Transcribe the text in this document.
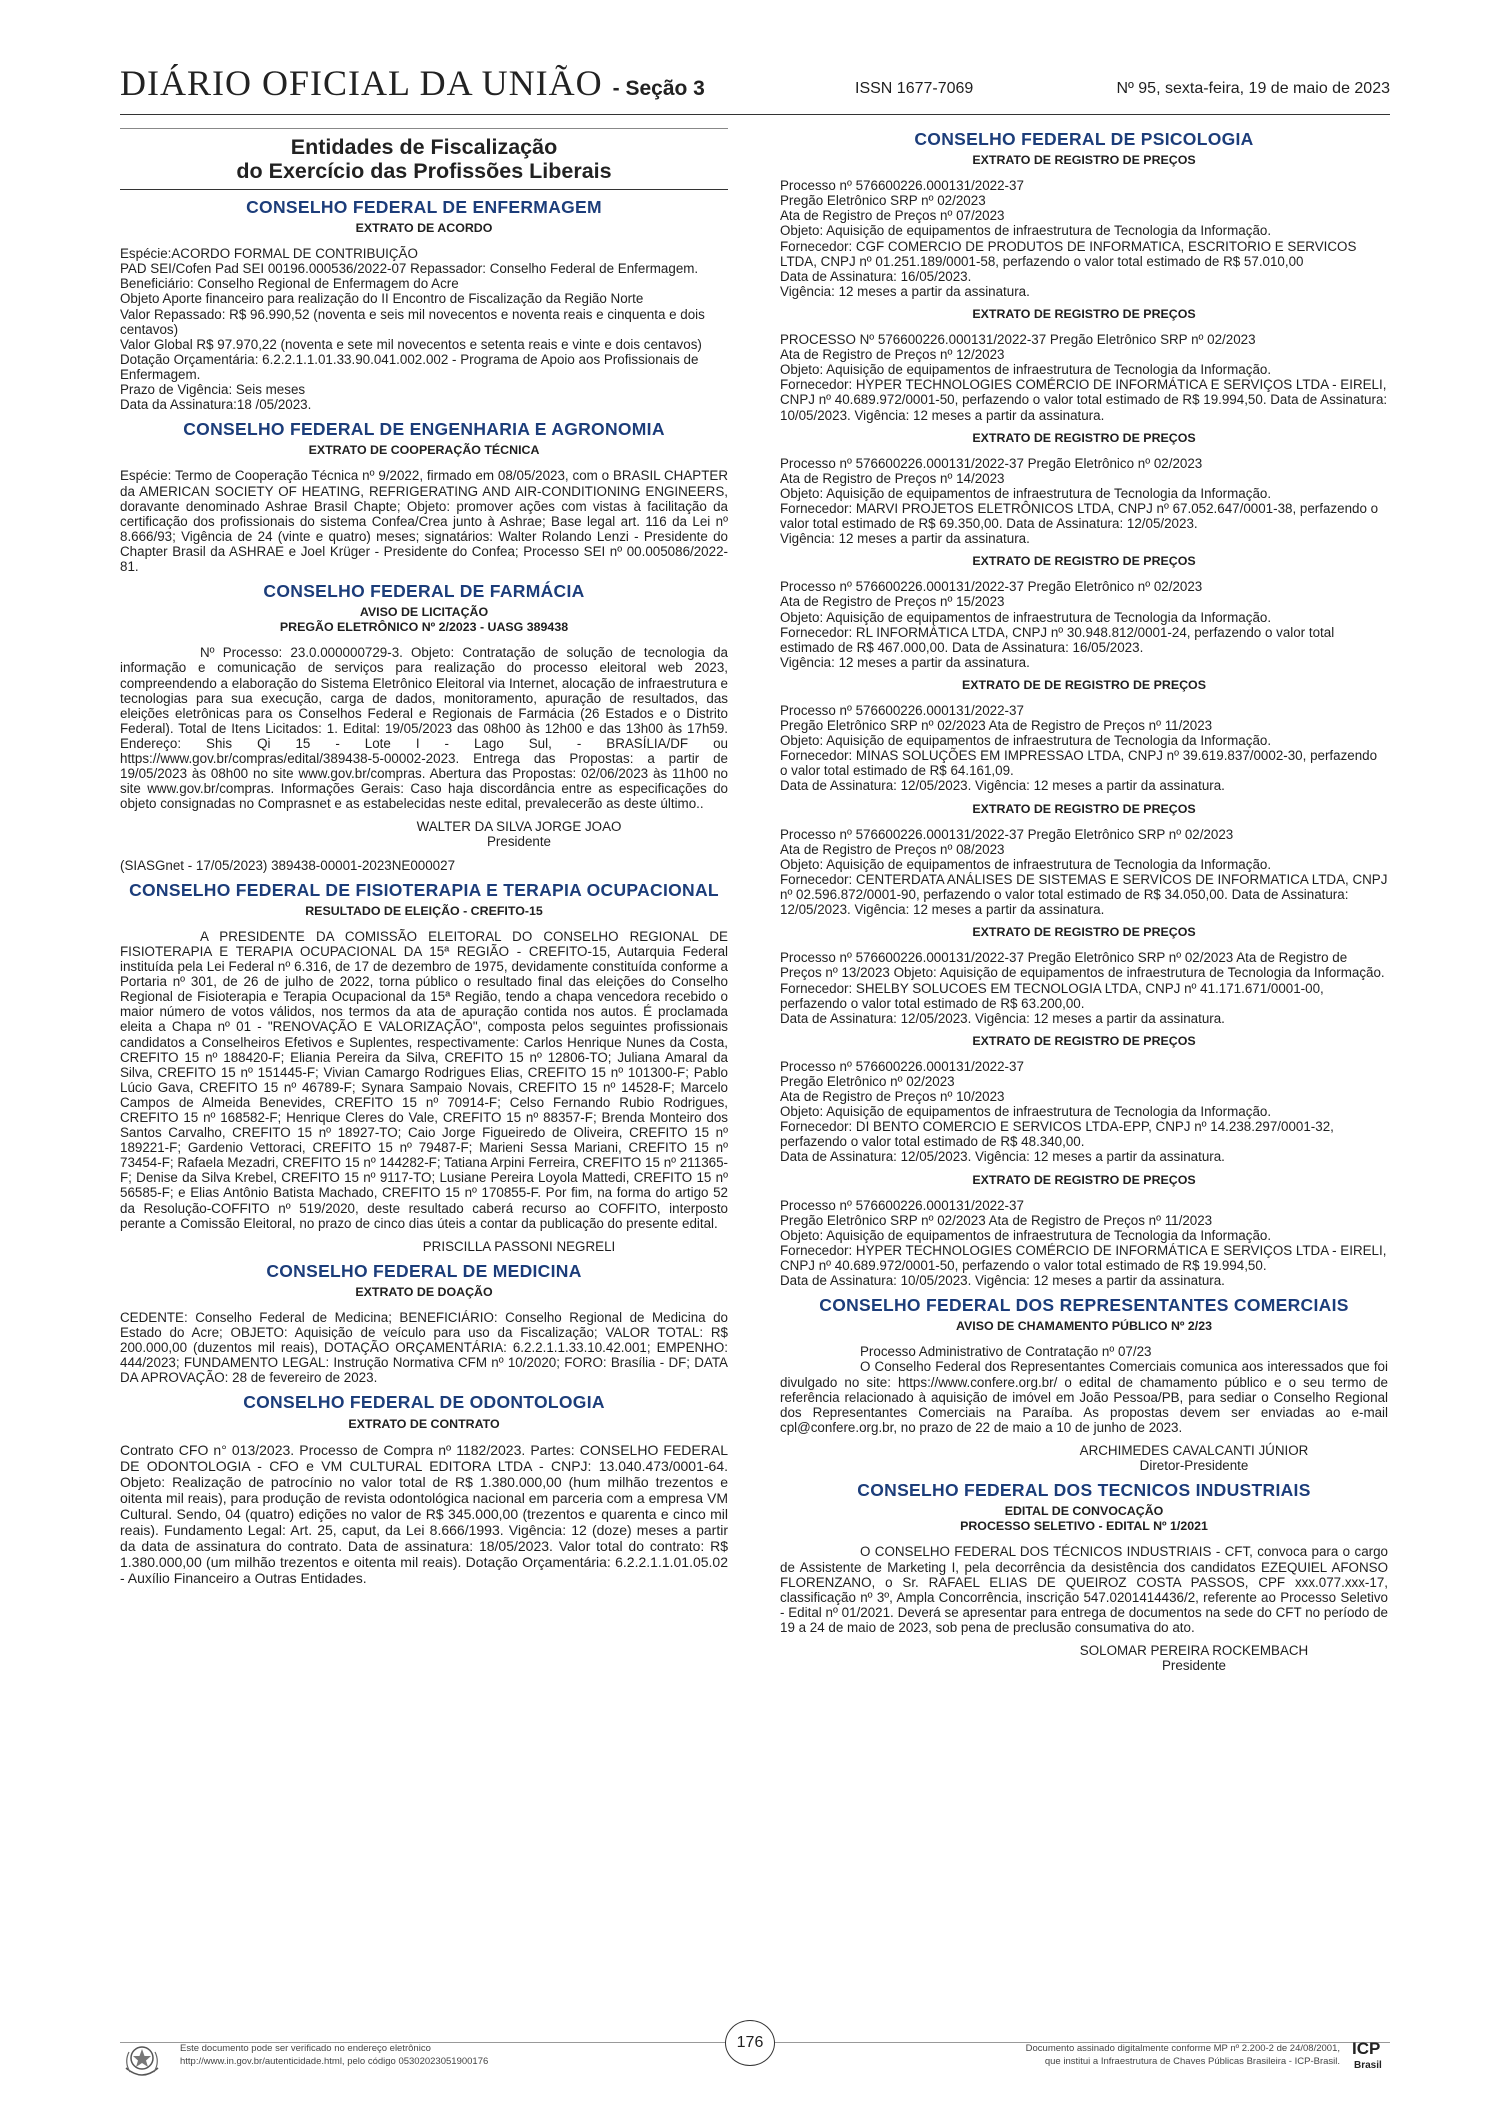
DIÁRIO OFICIAL DA UNIÃO - Seção 3	ISSN 1677-7069	Nº 95, sexta-feira, 19 de maio de 2023
Entidades de Fiscalização
do Exercício das Profissões Liberais
CONSELHO FEDERAL DE ENFERMAGEM
EXTRATO DE ACORDO

Espécie:ACORDO FORMAL DE CONTRIBUIÇÃO
PAD SEI/Cofen Pad SEI 00196.000536/2022-07 Repassador: Conselho Federal de Enfermagem.
Beneficiário: Conselho Regional de Enfermagem do Acre
Objeto Aporte financeiro para realização do II Encontro de Fiscalização da Região Norte
Valor Repassado: R$ 96.990,52 (noventa e seis mil novecentos e noventa reais e cinquenta e dois centavos)
Valor Global R$ 97.970,22 (noventa e sete mil novecentos e setenta reais e vinte e dois centavos)
Dotação Orçamentária: 6.2.2.1.1.01.33.90.041.002.002 - Programa de Apoio aos Profissionais de Enfermagem.
Prazo de Vigência: Seis meses
Data da Assinatura:18 /05/2023.

CONSELHO FEDERAL DE ENGENHARIA E AGRONOMIA
EXTRATO DE COOPERAÇÃO TÉCNICA

Espécie: Termo de Cooperação Técnica nº 9/2022, firmado em 08/05/2023, com o BRASIL CHAPTER da AMERICAN SOCIETY OF HEATING, REFRIGERATING AND AIR-CONDITIONING ENGINEERS, doravante denominado Ashrae Brasil Chapte; Objeto: promover ações com vistas à facilitação da certificação dos profissionais do sistema Confea/Crea junto à Ashrae; Base legal art. 116 da Lei nº 8.666/93; Vigência de 24 (vinte e quatro) meses; signatários: Walter Rolando Lenzi - Presidente do Chapter Brasil da ASHRAE e Joel Krüger - Presidente do Confea; Processo SEI nº 00.005086/2022-81.

CONSELHO FEDERAL DE FARMÁCIA
AVISO DE LICITAÇÃO
PREGÃO ELETRÔNICO Nº 2/2023 - UASG 389438

Nº Processo: 23.0.000000729-3. Objeto: Contratação de solução de tecnologia da informação e comunicação de serviços para realização do processo eleitoral web 2023, compreendendo a elaboração do Sistema Eletrônico Eleitoral via Internet, alocação de infraestrutura e tecnologias para sua execução, carga de dados, monitoramento, apuração de resultados, das eleições eletrônicas para os Conselhos Federal e Regionais de Farmácia (26 Estados e o Distrito Federal). Total de Itens Licitados: 1. Edital: 19/05/2023 das 08h00 às 12h00 e das 13h00 às 17h59. Endereço: Shis Qi 15 - Lote I - Lago Sul, - BRASÍLIA/DF ou https://www.gov.br/compras/edital/389438-5-00002-2023. Entrega das Propostas: a partir de 19/05/2023 às 08h00 no site www.gov.br/compras. Abertura das Propostas: 02/06/2023 às 11h00 no site www.gov.br/compras. Informações Gerais: Caso haja discordância entre as especificações do objeto consignadas no Comprasnet e as estabelecidas neste edital, prevalecerão as deste último..

WALTER DA SILVA JORGE JOAO
Presidente

(SIASGnet - 17/05/2023) 389438-00001-2023NE000027

CONSELHO FEDERAL DE FISIOTERAPIA E TERAPIA OCUPACIONAL
RESULTADO DE ELEIÇÃO - CREFITO-15

A PRESIDENTE DA COMISSÃO ELEITORAL DO CONSELHO REGIONAL DE FISIOTERAPIA E TERAPIA OCUPACIONAL DA 15ª REGIÃO - CREFITO-15, Autarquia Federal instituída pela Lei Federal nº 6.316, de 17 de dezembro de 1975, devidamente constituída conforme a Portaria nº 301, de 26 de julho de 2022, torna público o resultado final das eleições do Conselho Regional de Fisioterapia e Terapia Ocupacional da 15ª Região, tendo a chapa vencedora recebido o maior número de votos válidos, nos termos da ata de apuração contida nos autos. É proclamada eleita a Chapa nº 01 - "RENOVAÇÃO E VALORIZAÇÃO", composta pelos seguintes profissionais candidatos a Conselheiros Efetivos e Suplentes, respectivamente: Carlos Henrique Nunes da Costa, CREFITO 15 nº 188420-F; Eliania Pereira da Silva, CREFITO 15 nº 12806-TO; Juliana Amaral da Silva, CREFITO 15 nº 151445-F; Vivian Camargo Rodrigues Elias, CREFITO 15 nº 101300-F; Pablo Lúcio Gava, CREFITO 15 nº 46789-F; Synara Sampaio Novais, CREFITO 15 nº 14528-F; Marcelo Campos de Almeida Benevides, CREFITO 15 nº 70914-F; Celso Fernando Rubio Rodrigues, CREFITO 15 nº 168582-F; Henrique Cleres do Vale, CREFITO 15 nº 88357-F; Brenda Monteiro dos Santos Carvalho, CREFITO 15 nº 18927-TO; Caio Jorge Figueiredo de Oliveira, CREFITO 15 nº 189221-F; Gardenio Vettoraci, CREFITO 15 nº 79487-F; Marieni Sessa Mariani, CREFITO 15 nº 73454-F; Rafaela Mezadri, CREFITO 15 nº 144282-F; Tatiana Arpini Ferreira, CREFITO 15 nº 211365-F; Denise da Silva Krebel, CREFITO 15 nº 9117-TO; Lusiane Pereira Loyola Mattedi, CREFITO 15 nº 56585-F; e Elias Antônio Batista Machado, CREFITO 15 nº 170855-F. Por fim, na forma do artigo 52 da Resolução-COFFITO nº 519/2020, deste resultado caberá recurso ao COFFITO, interposto perante a Comissão Eleitoral, no prazo de cinco dias úteis a contar da publicação do presente edital.

PRISCILLA PASSONI NEGRELI
CONSELHO FEDERAL DE MEDICINA
EXTRATO DE DOAÇÃO

CEDENTE: Conselho Federal de Medicina; BENEFICIÁRIO: Conselho Regional de Medicina do Estado do Acre; OBJETO: Aquisição de veículo para uso da Fiscalização; VALOR TOTAL: R$ 200.000,00 (duzentos mil reais), DOTAÇÃO ORÇAMENTÁRIA: 6.2.2.1.1.33.10.42.001; EMPENHO: 444/2023; FUNDAMENTO LEGAL: Instrução Normativa CFM nº 10/2020; FORO: Brasília - DF; DATA DA APROVAÇÃO: 28 de fevereiro de 2023.

CONSELHO FEDERAL DE ODONTOLOGIA
EXTRATO DE CONTRATO

Contrato CFO n° 013/2023. Processo de Compra nº 1182/2023. Partes: CONSELHO FEDERAL DE ODONTOLOGIA - CFO e VM CULTURAL EDITORA LTDA - CNPJ: 13.040.473/0001-64. Objeto: Realização de patrocínio no valor total de R$ 1.380.000,00 (hum milhão trezentos e oitenta mil reais), para produção de revista odontológica nacional em parceria com a empresa VM Cultural. Sendo, 04 (quatro) edições no valor de R$ 345.000,00 (trezentos e quarenta e cinco mil reais). Fundamento Legal: Art. 25, caput, da Lei 8.666/1993. Vigência: 12 (doze) meses a partir da data de assinatura do contrato. Data de assinatura: 18/05/2023. Valor total do contrato: R$ 1.380.000,00 (um milhão trezentos e oitenta mil reais). Dotação Orçamentária: 6.2.2.1.1.01.05.02 - Auxílio Financeiro a Outras Entidades.

CONSELHO FEDERAL DE PSICOLOGIA
EXTRATO DE REGISTRO DE PREÇOS

Processo nº 576600226.000131/2022-37
Pregão Eletrônico SRP nº 02/2023
Ata de Registro de Preços nº 07/2023
Objeto: Aquisição de equipamentos de infraestrutura de Tecnologia da Informação.
Fornecedor: CGF COMERCIO DE PRODUTOS DE INFORMATICA, ESCRITORIO E SERVICOS LTDA, CNPJ nº 01.251.189/0001-58, perfazendo o valor total estimado de R$ 57.010,00
Data de Assinatura: 16/05/2023.
Vigência: 12 meses a partir da assinatura.

EXTRATO DE REGISTRO DE PREÇOS

PROCESSO Nº 576600226.000131/2022-37 Pregão Eletrônico SRP nº 02/2023
Ata de Registro de Preços nº 12/2023
Objeto: Aquisição de equipamentos de infraestrutura de Tecnologia da Informação.
Fornecedor: HYPER TECHNOLOGIES COMÉRCIO DE INFORMÁTICA E SERVIÇOS LTDA - EIRELI, CNPJ nº 40.689.972/0001-50, perfazendo o valor total estimado de R$ 19.994,50. Data de Assinatura: 10/05/2023. Vigência: 12 meses a partir da assinatura.

EXTRATO DE REGISTRO DE PREÇOS

Processo nº 576600226.000131/2022-37 Pregão Eletrônico nº 02/2023
Ata de Registro de Preços nº 14/2023
Objeto: Aquisição de equipamentos de infraestrutura de Tecnologia da Informação.
Fornecedor: MARVI PROJETOS ELETRÔNICOS LTDA, CNPJ nº 67.052.647/0001-38, perfazendo o valor total estimado de R$ 69.350,00. Data de Assinatura: 12/05/2023.
Vigência: 12 meses a partir da assinatura.

EXTRATO DE REGISTRO DE PREÇOS

Processo nº 576600226.000131/2022-37 Pregão Eletrônico nº 02/2023
Ata de Registro de Preços nº 15/2023
Objeto: Aquisição de equipamentos de infraestrutura de Tecnologia da Informação.
Fornecedor: RL INFORMÁTICA LTDA, CNPJ nº 30.948.812/0001-24, perfazendo o valor total estimado de R$ 467.000,00. Data de Assinatura: 16/05/2023.
Vigência: 12 meses a partir da assinatura.

EXTRATO DE DE REGISTRO DE PREÇOS

Processo nº 576600226.000131/2022-37
Pregão Eletrônico SRP nº 02/2023 Ata de Registro de Preços nº 11/2023
Objeto: Aquisição de equipamentos de infraestrutura de Tecnologia da Informação.
Fornecedor: MINAS SOLUÇÕES EM IMPRESSAO LTDA, CNPJ nº 39.619.837/0002-30, perfazendo o valor total estimado de R$ 64.161,09.
Data de Assinatura: 12/05/2023. Vigência: 12 meses a partir da assinatura.

EXTRATO DE REGISTRO DE PREÇOS

Processo nº 576600226.000131/2022-37 Pregão Eletrônico SRP nº 02/2023
Ata de Registro de Preços nº 08/2023
Objeto: Aquisição de equipamentos de infraestrutura de Tecnologia da Informação.
Fornecedor: CENTERDATA ANÁLISES DE SISTEMAS E SERVICOS DE INFORMATICA LTDA, CNPJ nº 02.596.872/0001-90, perfazendo o valor total estimado de R$ 34.050,00. Data de Assinatura: 12/05/2023. Vigência: 12 meses a partir da assinatura.

EXTRATO DE REGISTRO DE PREÇOS

Processo nº 576600226.000131/2022-37 Pregão Eletrônico SRP nº 02/2023 Ata de Registro de Preços nº 13/2023 Objeto: Aquisição de equipamentos de infraestrutura de Tecnologia da Informação.
Fornecedor: SHELBY SOLUCOES EM TECNOLOGIA LTDA, CNPJ nº 41.171.671/0001-00, perfazendo o valor total estimado de R$ 63.200,00.
Data de Assinatura: 12/05/2023. Vigência: 12 meses a partir da assinatura.

EXTRATO DE REGISTRO DE PREÇOS

Processo nº 576600226.000131/2022-37
Pregão Eletrônico nº 02/2023
Ata de Registro de Preços nº 10/2023
Objeto: Aquisição de equipamentos de infraestrutura de Tecnologia da Informação.
Fornecedor: DI BENTO COMERCIO E SERVICOS LTDA-EPP, CNPJ nº 14.238.297/0001-32, perfazendo o valor total estimado de R$ 48.340,00.
Data de Assinatura: 12/05/2023. Vigência: 12 meses a partir da assinatura.

EXTRATO DE REGISTRO DE PREÇOS

Processo nº 576600226.000131/2022-37
Pregão Eletrônico SRP nº 02/2023 Ata de Registro de Preços nº 11/2023
Objeto: Aquisição de equipamentos de infraestrutura de Tecnologia da Informação.
Fornecedor: HYPER TECHNOLOGIES COMÉRCIO DE INFORMÁTICA E SERVIÇOS LTDA - EIRELI, CNPJ nº 40.689.972/0001-50, perfazendo o valor total estimado de R$ 19.994,50.
Data de Assinatura: 10/05/2023. Vigência: 12 meses a partir da assinatura.

CONSELHO FEDERAL DOS REPRESENTANTES COMERCIAIS
AVISO DE CHAMAMENTO PÚBLICO Nº 2/23

Processo Administrativo de Contratação nº 07/23

O Conselho Federal dos Representantes Comerciais comunica aos interessados que foi divulgado no site: https://www.confere.org.br/ o edital de chamamento público e o seu termo de referência relacionado à aquisição de imóvel em João Pessoa/PB, para sediar o Conselho Regional dos Representantes Comerciais na Paraíba. As propostas devem ser enviadas ao e-mail cpl@confere.org.br, no prazo de 22 de maio a 10 de junho de 2023.

ARCHIMEDES CAVALCANTI JÚNIOR
Diretor-Presidente
CONSELHO FEDERAL DOS TECNICOS INDUSTRIAIS
EDITAL DE CONVOCAÇÃO
PROCESSO SELETIVO - EDITAL Nº 1/2021

O CONSELHO FEDERAL DOS TÉCNICOS INDUSTRIAIS - CFT, convoca para o cargo de Assistente de Marketing I, pela decorrência da desistência dos candidatos EZEQUIEL AFONSO FLORENZANO, o Sr. RAFAEL ELIAS DE QUEIROZ COSTA PASSOS, CPF xxx.077.xxx-17, classificação nº 3º, Ampla Concorrência, inscrição 547.0201414436/2, referente ao Processo Seletivo - Edital nº 01/2021. Deverá se apresentar para entrega de documentos na sede do CFT no período de 19 a 24 de maio de 2023, sob pena de preclusão consumativa do ato.

SOLOMAR PEREIRA ROCKEMBACH
Presidente
Este documento pode ser verificado no endereço eletrônico
http://www.in.gov.br/autenticidade.html, pelo código 05302023051900176
176	Documento assinado digitalmente conforme MP nº 2.200-2 de 24/08/2001,
que institui a Infraestrutura de Chaves Públicas Brasileira - ICP-Brasil.
ICP Brasil
